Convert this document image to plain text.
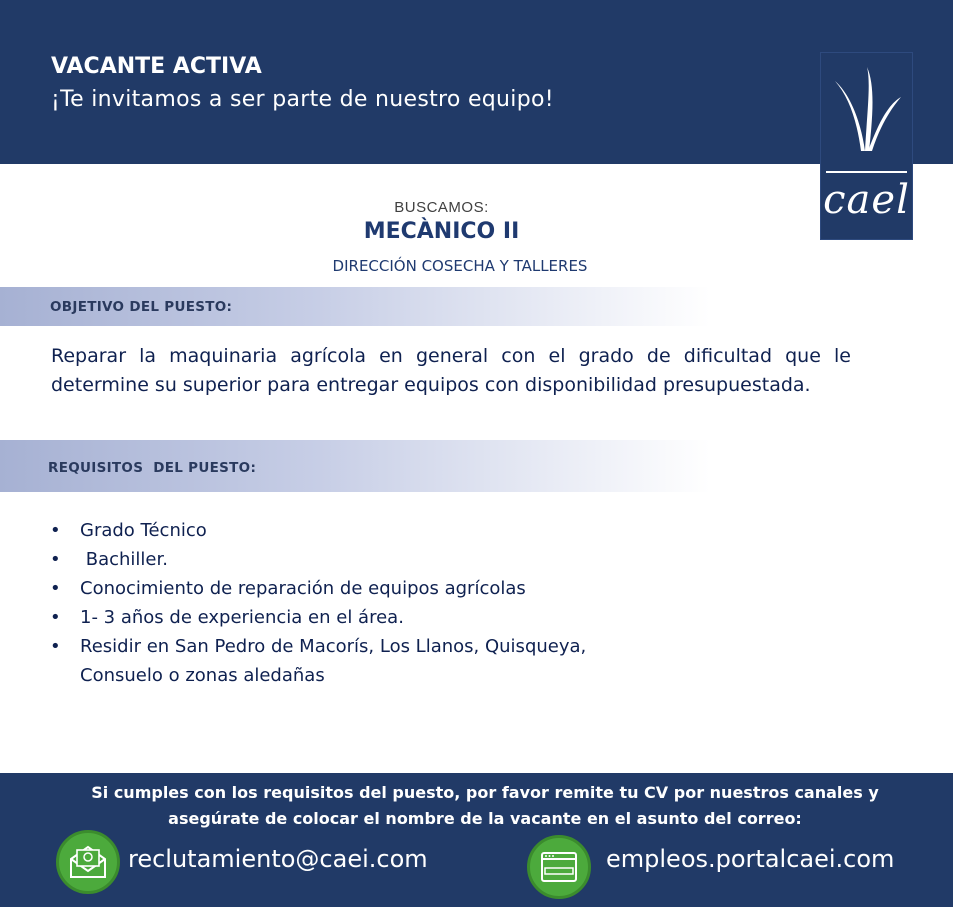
VACANTE ACTIVA
¡Te invitamos a ser parte de nuestro equipo!
cael
BUSCAMOS:
MECÀNICO II
DIRECCIÓN COSECHA Y TALLERES
OBJETIVO DEL PUESTO:
Reparar la maquinaria agrícola en general con el grado de dificultad que le determine su superior para entregar equipos con disponibilidad presupuestada.
REQUISITOS  DEL PUESTO:
• Grado Técnico
• Bachiller.
• Conocimiento de reparación de equipos agrícolas
• 1- 3 años de experiencia en el área.
• Residir en San Pedro de Macorís, Los Llanos, Quisqueya,
Consuelo o zonas aledañas
Si cumples con los requisitos del puesto, por favor remite tu CV por nuestros canales y
asegúrate de colocar el nombre de la vacante en el asunto del correo:
reclutamiento@caei.com	empleos.portalcaei.com
